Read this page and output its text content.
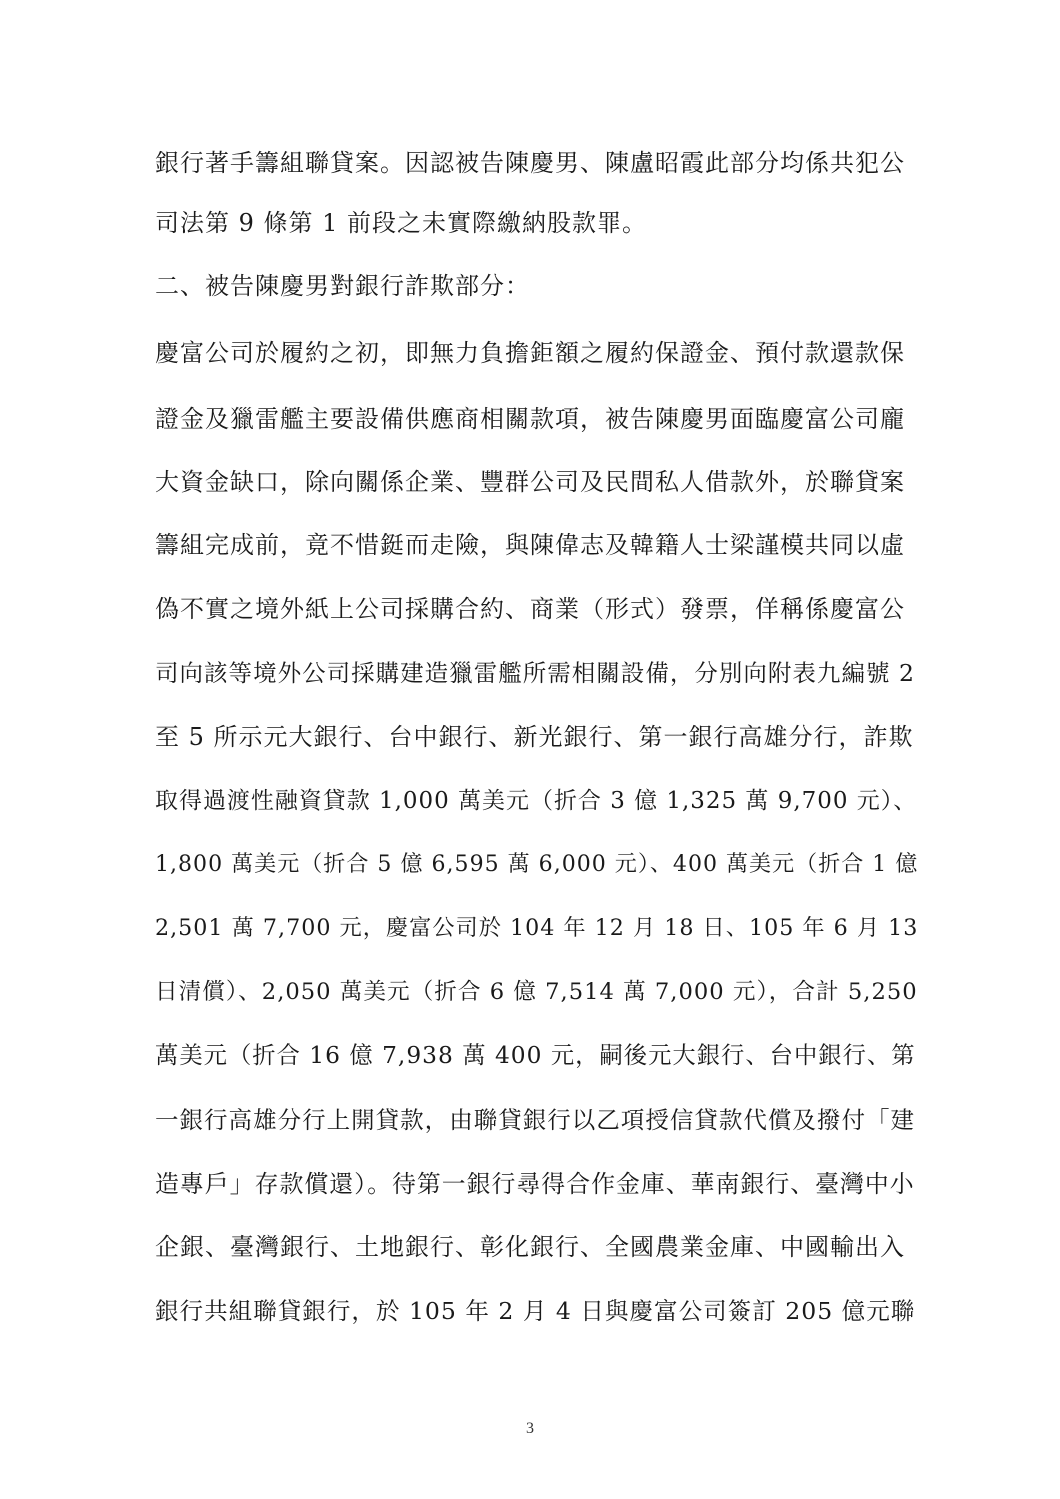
銀行著手籌組聯貸案。因認被告陳慶男、陳盧昭霞此部分均係共犯公
司法第 9 條第 1 前段之未實際繳納股款罪。
二、被告陳慶男對銀行詐欺部分：
慶富公司於履約之初，即無力負擔鉅額之履約保證金、預付款還款保
證金及獵雷艦主要設備供應商相關款項，被告陳慶男面臨慶富公司龐
大資金缺口，除向關係企業、豐群公司及民間私人借款外，於聯貸案
籌組完成前，竟不惜鋌而走險，與陳偉志及韓籍人士梁謹模共同以虛
偽不實之境外紙上公司採購合約、商業（形式）發票，佯稱係慶富公
司向該等境外公司採購建造獵雷艦所需相關設備，分別向附表九編號 2
至 5 所示元大銀行、台中銀行、新光銀行、第一銀行高雄分行，詐欺
取得過渡性融資貸款 1,000 萬美元（折合 3 億 1,325 萬 9,700 元）、
1,800 萬美元（折合 5 億 6,595 萬 6,000 元）、400 萬美元（折合 1 億
2,501 萬 7,700 元，慶富公司於 104 年 12 月 18 日、105 年 6 月 13
日清償）、2,050 萬美元（折合 6 億 7,514 萬 7,000 元），合計 5,250
萬美元（折合 16 億 7,938 萬 400 元，嗣後元大銀行、台中銀行、第
一銀行高雄分行上開貸款，由聯貸銀行以乙項授信貸款代償及撥付「建
造專戶」存款償還）。待第一銀行尋得合作金庫、華南銀行、臺灣中小
企銀、臺灣銀行、土地銀行、彰化銀行、全國農業金庫、中國輸出入
銀行共組聯貸銀行，於 105 年 2 月 4 日與慶富公司簽訂 205 億元聯
3
